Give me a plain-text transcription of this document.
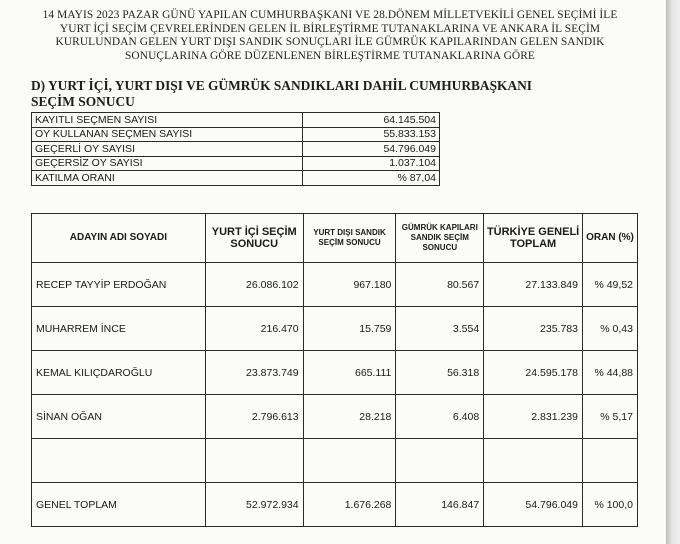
14 MAYIS 2023 PAZAR GÜNÜ YAPILAN CUMHURBAŞKANI VE 28.DÖNEM MİLLETVEKİLİ GENEL SEÇİMİ İLE
YURT İÇİ SEÇİM ÇEVRELERİNDEN GELEN İL BİRLEŞTİRME TUTANAKLARINA VE ANKARA İL SEÇİM
KURULUNDAN GELEN YURT DIŞI SANDIK SONUÇLARI İLE GÜMRÜK KAPILARINDAN GELEN SANDIK
SONUÇLARINA GÖRE DÜZENLENEN BİRLEŞTİRME TUTANAKLARINA GÖRE
D) YURT İÇİ, YURT DIŞI VE GÜMRÜK SANDIKLARI DAHİL CUMHURBAŞKANI
SEÇİM SONUCU
KAYITLI SEÇMEN SAYISI	64.145.504
OY KULLANAN SEÇMEN SAYISI	55.833.153
GEÇERLİ OY SAYISI	54.796.049
GEÇERSİZ OY SAYISI	1.037.104
KATILMA ORANI	% 87,04
ADAYIN ADI SOYADI	YURT İÇİ SEÇİM SONUCU	YURT DIŞI SANDIK SEÇİM SONUCU	GÜMRÜK KAPILARI SANDIK SEÇİM SONUCU	TÜRKİYE GENELİ TOPLAM	ORAN (%)
RECEP TAYYİP ERDOĞAN	26.086.102	967.180	80.567	27.133.849	% 49,52
MUHARREM İNCE	216.470	15.759	3.554	235.783	% 0,43
KEMAL KILIÇDAROĞLU	23.873.749	665.111	56.318	24.595.178	% 44,88
SİNAN OĞAN	2.796.613	28.218	6.408	2.831.239	% 5,17

GENEL TOPLAM	52.972.934	1.676.268	146.847	54.796.049	% 100,0
